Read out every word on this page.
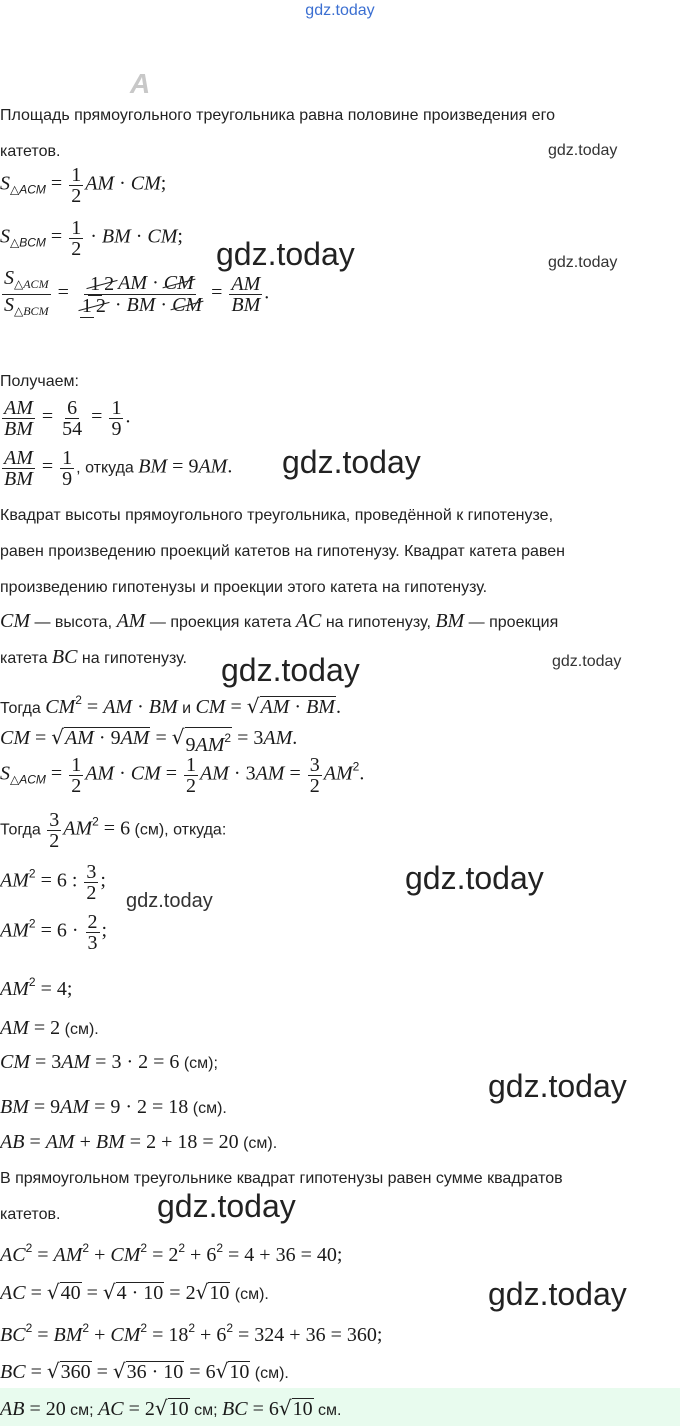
gdz.today
A
Площадь прямоугольного треугольника равна половине произведения его
катетов.
$S_{\triangle ACM} = \frac{1}{2}$ AM · CM;
$S_{\triangle BCM} = \frac{1}{2}$ · BM · CM;
$\frac{S_{\triangle ACM}}{S_{\triangle BCM}} = \frac{1 2 AM \cdot CM}{1 2 \cdot BM \cdot CM} = \frac{AM}{BM}$ .
Получаем:
$\frac{AM}{BM} = \frac{6}{54} = \frac{1}{9}$ .
$\frac{AM}{BM} = \frac{1}{9}$ , откуда BM = 9AM.
Квадрат высоты прямоугольного треугольника, проведённой к гипотенузе,
равен произведению проекций катетов на гипотенузу. Квадрат катета равен
произведению гипотенузы и проекции этого катета на гипотенузу.
CM — высота, AM — проекция катета AC на гипотенузу, BM — проекция
катета BC на гипотенузу.
Тогда $CM^2$ = AM · BM и CM = √ AM · BM .
CM = √ AM · 9AM = √ $9AM^2 = 3AM$.
$S_{\triangle ACM} = \frac{1}{2}$ AM · CM = $\frac{1}{2}$ AM · $3AM = \frac{3}{2} AM^2$.
Тогда $\frac{3}{2} AM^2 = 6$ (см), откуда:
$AM^2 = 6$ : $\frac{3}{2}$ ;
$AM^2 = 6 \cdot \frac{2}{3}$ ;
$AM^2 = 4$;
AM = 2 (см).
CM = 3AM = 3 · 2 = 6 (см);
BM = 9AM = 9 · 2 = 18 (см).
AB = AM + BM = 2 + 18 = 20 (см).
В прямоугольном треугольнике квадрат гипотенузы равен сумме квадратов
катетов.
$AC^2 = AM^2 + CM^2 = 2^2 + 6^2 = 4 + 36 = 40$;
AC = √ 40 = √ 4 · 10 = 2 √ 10 (см).
$BC^2 = BM^2 + CM^2 = 18^2 + 6^2 = 324 + 36 = 360$;
BC = √ 360 = √ 36 · 10 = 6 √ 10 (см).
AB = 20 см; AC = 2 √ 10 см; BC = 6 √ 10 см.
gdz.today
gdz.today	gdz.today
gdz.today
gdz.today	gdz.today
gdz.today
gdz.today
gdz.today
gdz.today
gdz.today
